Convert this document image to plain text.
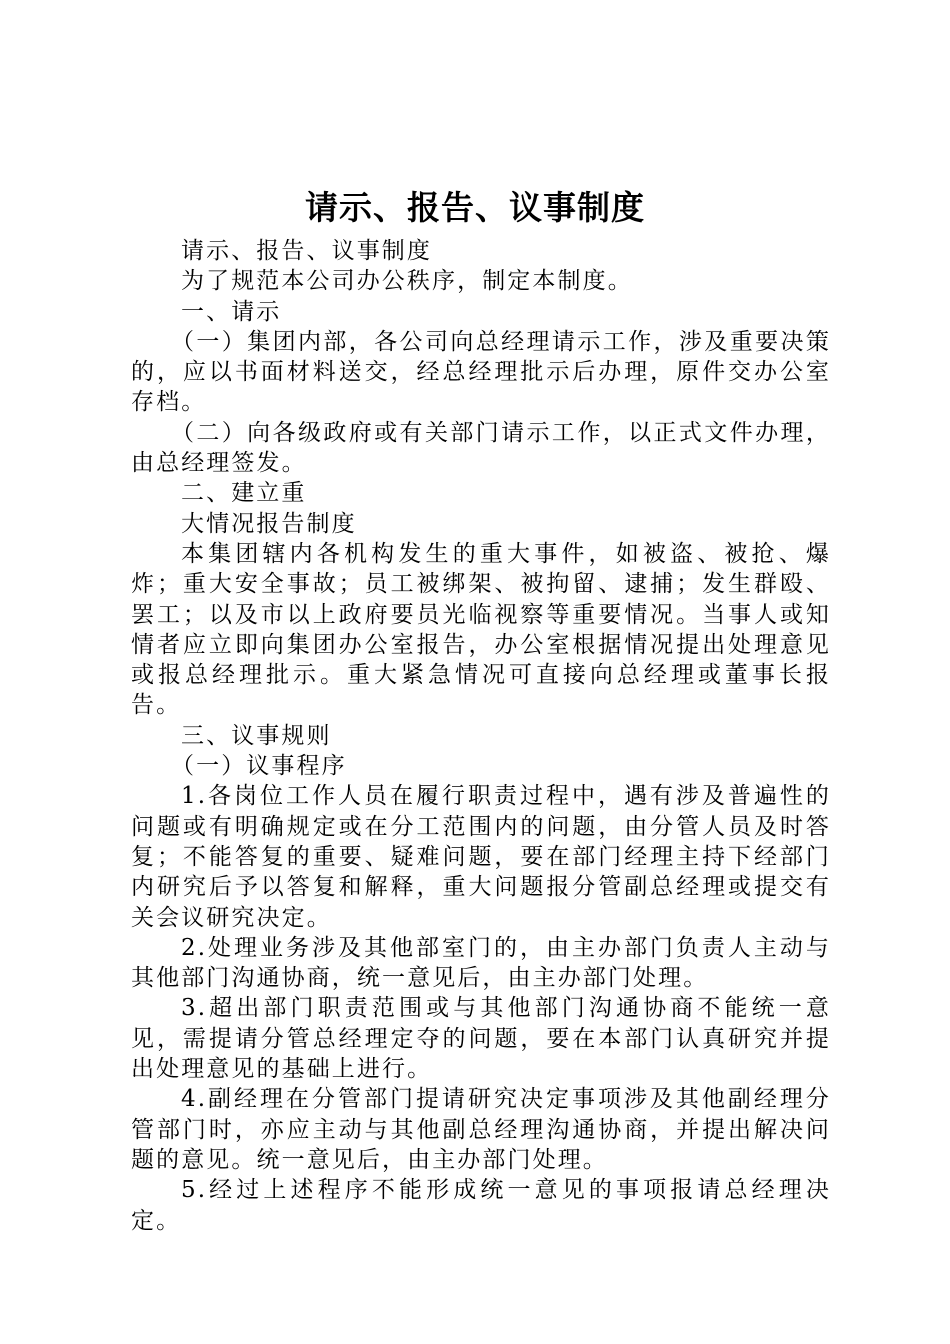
请示、报告、议事制度

请示、报告、议事制度

为了规范本公司办公秩序，制定本制度。

一、请示

（一）集团内部，各公司向总经理请示工作，涉及重要决策的，应以书面材料送交，经总经理批示后办理，原件交办公室存档。

（二）向各级政府或有关部门请示工作，以正式文件办理，由总经理签发。

二、建立重

大情况报告制度

本集团辖内各机构发生的重大事件，如被盗、被抢、爆炸；重大安全事故；员工被绑架、被拘留、逮捕；发生群殴、罢工；以及市以上政府要员光临视察等重要情况。当事人或知情者应立即向集团办公室报告，办公室根据情况提出处理意见或报总经理批示。重大紧急情况可直接向总经理或董事长报告。

三、议事规则

（一）议事程序

1.各岗位工作人员在履行职责过程中，遇有涉及普遍性的问题或有明确规定或在分工范围内的问题，由分管人员及时答复；不能答复的重要、疑难问题，要在部门经理主持下经部门内研究后予以答复和解释，重大问题报分管副总经理或提交有关会议研究决定。

2.处理业务涉及其他部室门的，由主办部门负责人主动与其他部门沟通协商，统一意见后，由主办部门处理。

3.超出部门职责范围或与其他部门沟通协商不能统一意见，需提请分管总经理定夺的问题，要在本部门认真研究并提出处理意见的基础上进行。

4.副经理在分管部门提请研究决定事项涉及其他副经理分管部门时，亦应主动与其他副总经理沟通协商，并提出解决问题的意见。统一意见后，由主办部门处理。

5.经过上述程序不能形成统一意见的事项报请总经理决定。
